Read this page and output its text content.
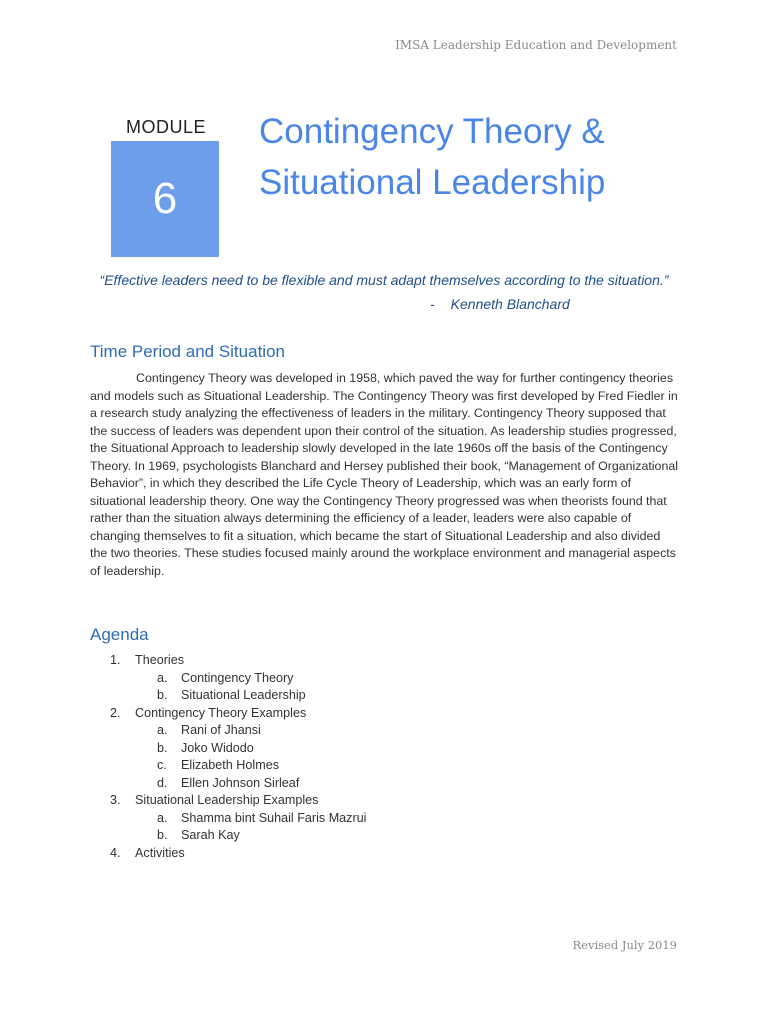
IMSA Leadership Education and Development
MODULE
6
Contingency Theory &
Situational Leadership
“Effective leaders need to be flexible and must adapt themselves according to the situation.”
- Kenneth Blanchard
Time Period and Situation

Contingency Theory was developed in 1958, which paved the way for further contingency theories and models such as Situational Leadership. The Contingency Theory was first developed by Fred Fiedler in a research study analyzing the effectiveness of leaders in the military. Contingency Theory supposed that the success of leaders was dependent upon their control of the situation. As leadership studies progressed, the Situational Approach to leadership slowly developed in the late 1960s off the basis of the Contingency Theory. In 1969, psychologists Blanchard and Hersey published their book, “Management of Organizational Behavior”, in which they described the Life Cycle Theory of Leadership, which was an early form of situational leadership theory. One way the Contingency Theory progressed was when theorists found that rather than the situation always determining the efficiency of a leader, leaders were also capable of changing themselves to fit a situation, which became the start of Situational Leadership and also divided the two theories. These studies focused mainly around the workplace environment and managerial aspects of leadership.

Agenda
1. Theories
a. Contingency Theory
b. Situational Leadership
2. Contingency Theory Examples
a. Rani of Jhansi
b. Joko Widodo
c. Elizabeth Holmes
d. Ellen Johnson Sirleaf
3. Situational Leadership Examples
a. Shamma bint Suhail Faris Mazrui
b. Sarah Kay
4. Activities
Revised July 2019
